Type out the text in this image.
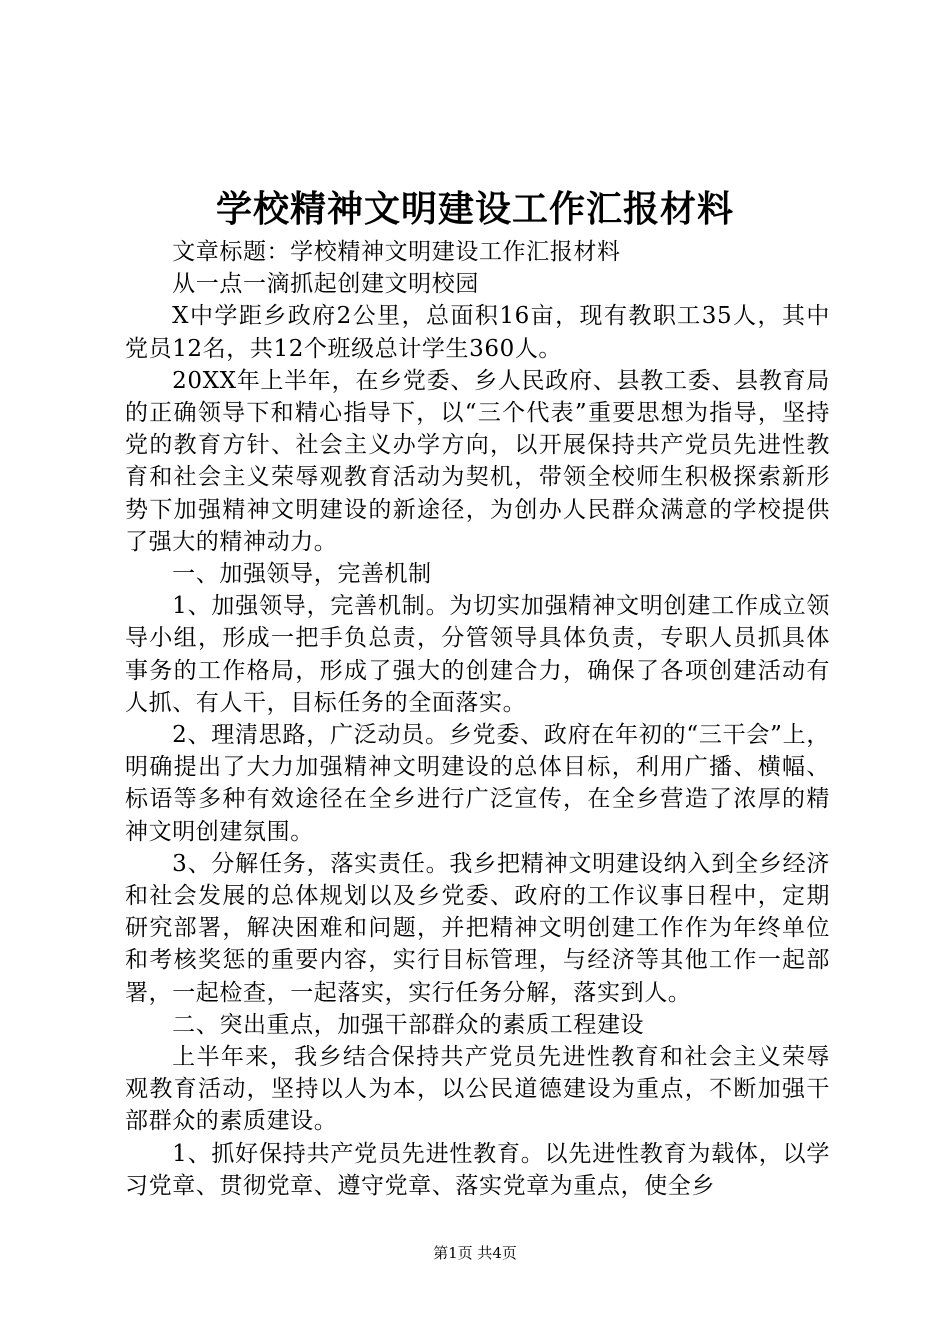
学校精神文明建设工作汇报材料

文章标题：学校精神文明建设工作汇报材料

从一点一滴抓起创建文明校园

X中学距乡政府2公里，总面积16亩，现有教职工35人，其中党员12名，共12个班级总计学生360人。

20XX年上半年，在乡党委、乡人民政府、县教工委、县教育局的正确领导下和精心指导下，以“三个代表”重要思想为指导，坚持党的教育方针、社会主义办学方向，以开展保持共产党员先进性教育和社会主义荣辱观教育活动为契机，带领全校师生积极探索新形势下加强精神文明建设的新途径，为创办人民群众满意的学校提供了强大的精神动力。

一、加强领导，完善机制

1、加强领导，完善机制。为切实加强精神文明创建工作成立领导小组，形成一把手负总责，分管领导具体负责，专职人员抓具体事务的工作格局，形成了强大的创建合力，确保了各项创建活动有人抓、有人干，目标任务的全面落实。

2、理清思路，广泛动员。乡党委、政府在年初的“三干会”上，明确提出了大力加强精神文明建设的总体目标，利用广播、横幅、标语等多种有效途径在全乡进行广泛宣传，在全乡营造了浓厚的精神文明创建氛围。

3、分解任务，落实责任。我乡把精神文明建设纳入到全乡经济和社会发展的总体规划以及乡党委、政府的工作议事日程中，定期研究部署，解决困难和问题，并把精神文明创建工作作为年终单位和考核奖惩的重要内容，实行目标管理，与经济等其他工作一起部署，一起检查，一起落实，实行任务分解，落实到人。

二、突出重点，加强干部群众的素质工程建设

上半年来，我乡结合保持共产党员先进性教育和社会主义荣辱观教育活动，坚持以人为本，以公民道德建设为重点，不断加强干部群众的素质建设。

1、抓好保持共产党员先进性教育。以先进性教育为载体，以学习党章、贯彻党章、遵守党章、落实党章为重点，使全乡

第1页 共4页
